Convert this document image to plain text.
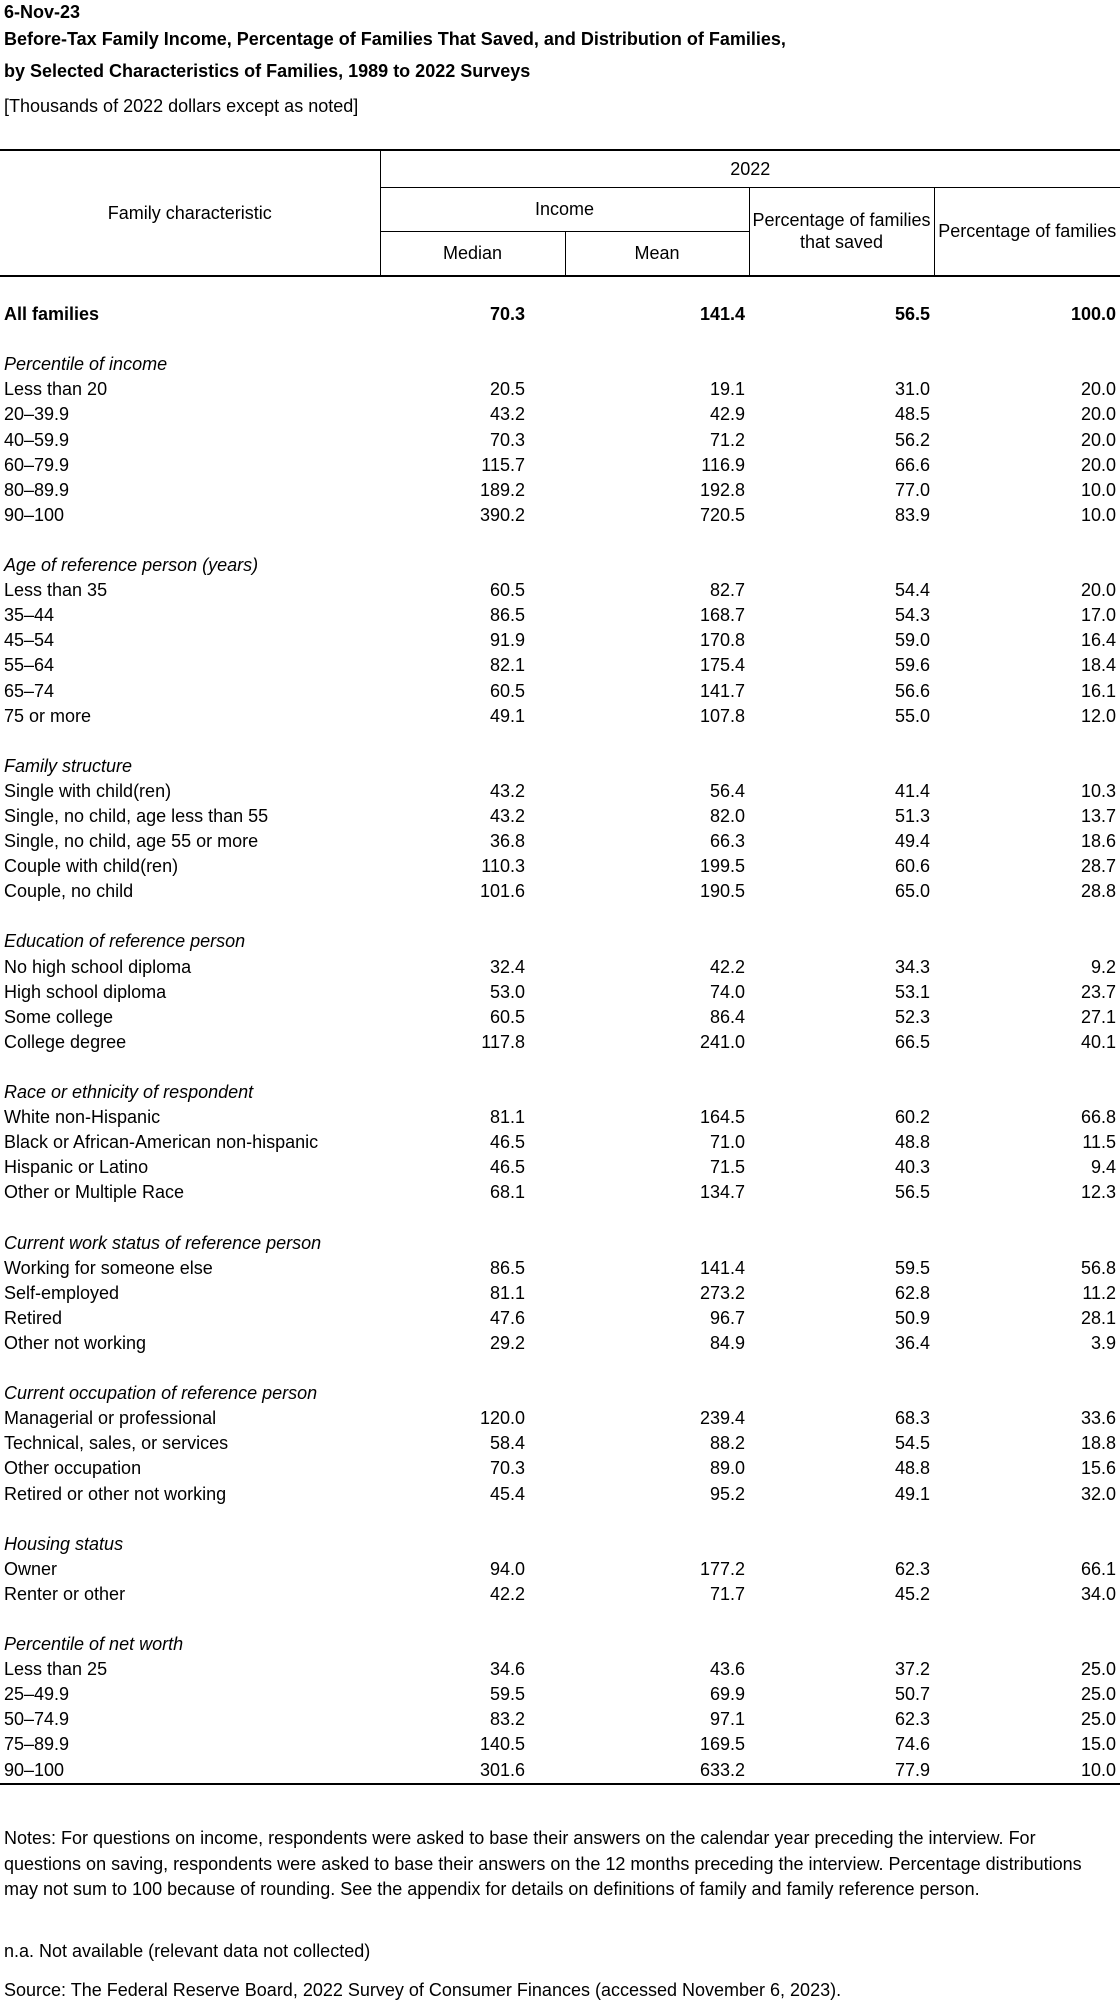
6-Nov-23
Before-Tax Family Income, Percentage of Families That Saved, and Distribution of Families,
by Selected Characteristics of Families, 1989 to 2022 Surveys
[Thousands of 2022 dollars except as noted]
Family characteristic	2022			
	Income		Percentage of families that saved	Percentage of families
	Median	Mean		

All families	70.3	141.4	56.5	100.0

Percentile of income				
Less than 20	20.5	19.1	31.0	20.0
20–39.9	43.2	42.9	48.5	20.0
40–59.9	70.3	71.2	56.2	20.0
60–79.9	115.7	116.9	66.6	20.0
80–89.9	189.2	192.8	77.0	10.0
90–100	390.2	720.5	83.9	10.0

Age of reference person (years)				
Less than 35	60.5	82.7	54.4	20.0
35–44	86.5	168.7	54.3	17.0
45–54	91.9	170.8	59.0	16.4
55–64	82.1	175.4	59.6	18.4
65–74	60.5	141.7	56.6	16.1
75 or more	49.1	107.8	55.0	12.0

Family structure				
Single with child(ren)	43.2	56.4	41.4	10.3
Single, no child, age less than 55	43.2	82.0	51.3	13.7
Single, no child, age 55 or more	36.8	66.3	49.4	18.6
Couple with child(ren)	110.3	199.5	60.6	28.7
Couple, no child	101.6	190.5	65.0	28.8

Education of reference person				
No high school diploma	32.4	42.2	34.3	9.2
High school diploma	53.0	74.0	53.1	23.7
Some college	60.5	86.4	52.3	27.1
College degree	117.8	241.0	66.5	40.1

Race or ethnicity of respondent				
White non-Hispanic	81.1	164.5	60.2	66.8
Black or African-American non-hispanic	46.5	71.0	48.8	11.5
Hispanic or Latino	46.5	71.5	40.3	9.4
Other or Multiple Race	68.1	134.7	56.5	12.3

Current work status of reference person				
Working for someone else	86.5	141.4	59.5	56.8
Self-employed	81.1	273.2	62.8	11.2
Retired	47.6	96.7	50.9	28.1
Other not working	29.2	84.9	36.4	3.9

Current occupation of reference person				
Managerial or professional	120.0	239.4	68.3	33.6
Technical, sales, or services	58.4	88.2	54.5	18.8
Other occupation	70.3	89.0	48.8	15.6
Retired or other not working	45.4	95.2	49.1	32.0

Housing status				
Owner	94.0	177.2	62.3	66.1
Renter or other	42.2	71.7	45.2	34.0

Percentile of net worth				
Less than 25	34.6	43.6	37.2	25.0
25–49.9	59.5	69.9	50.7	25.0
50–74.9	83.2	97.1	62.3	25.0
75–89.9	140.5	169.5	74.6	15.0
90–100	301.6	633.2	77.9	10.0
Notes: For questions on income, respondents were asked to base their answers on the calendar year preceding the interview. For questions on saving, respondents were asked to base their answers on the 12 months preceding the interview. Percentage distributions may not sum to 100 because of rounding. See the appendix for details on definitions of family and family reference person.
n.a. Not available (relevant data not collected)
Source: The Federal Reserve Board, 2022 Survey of Consumer Finances (accessed November 6, 2023).
